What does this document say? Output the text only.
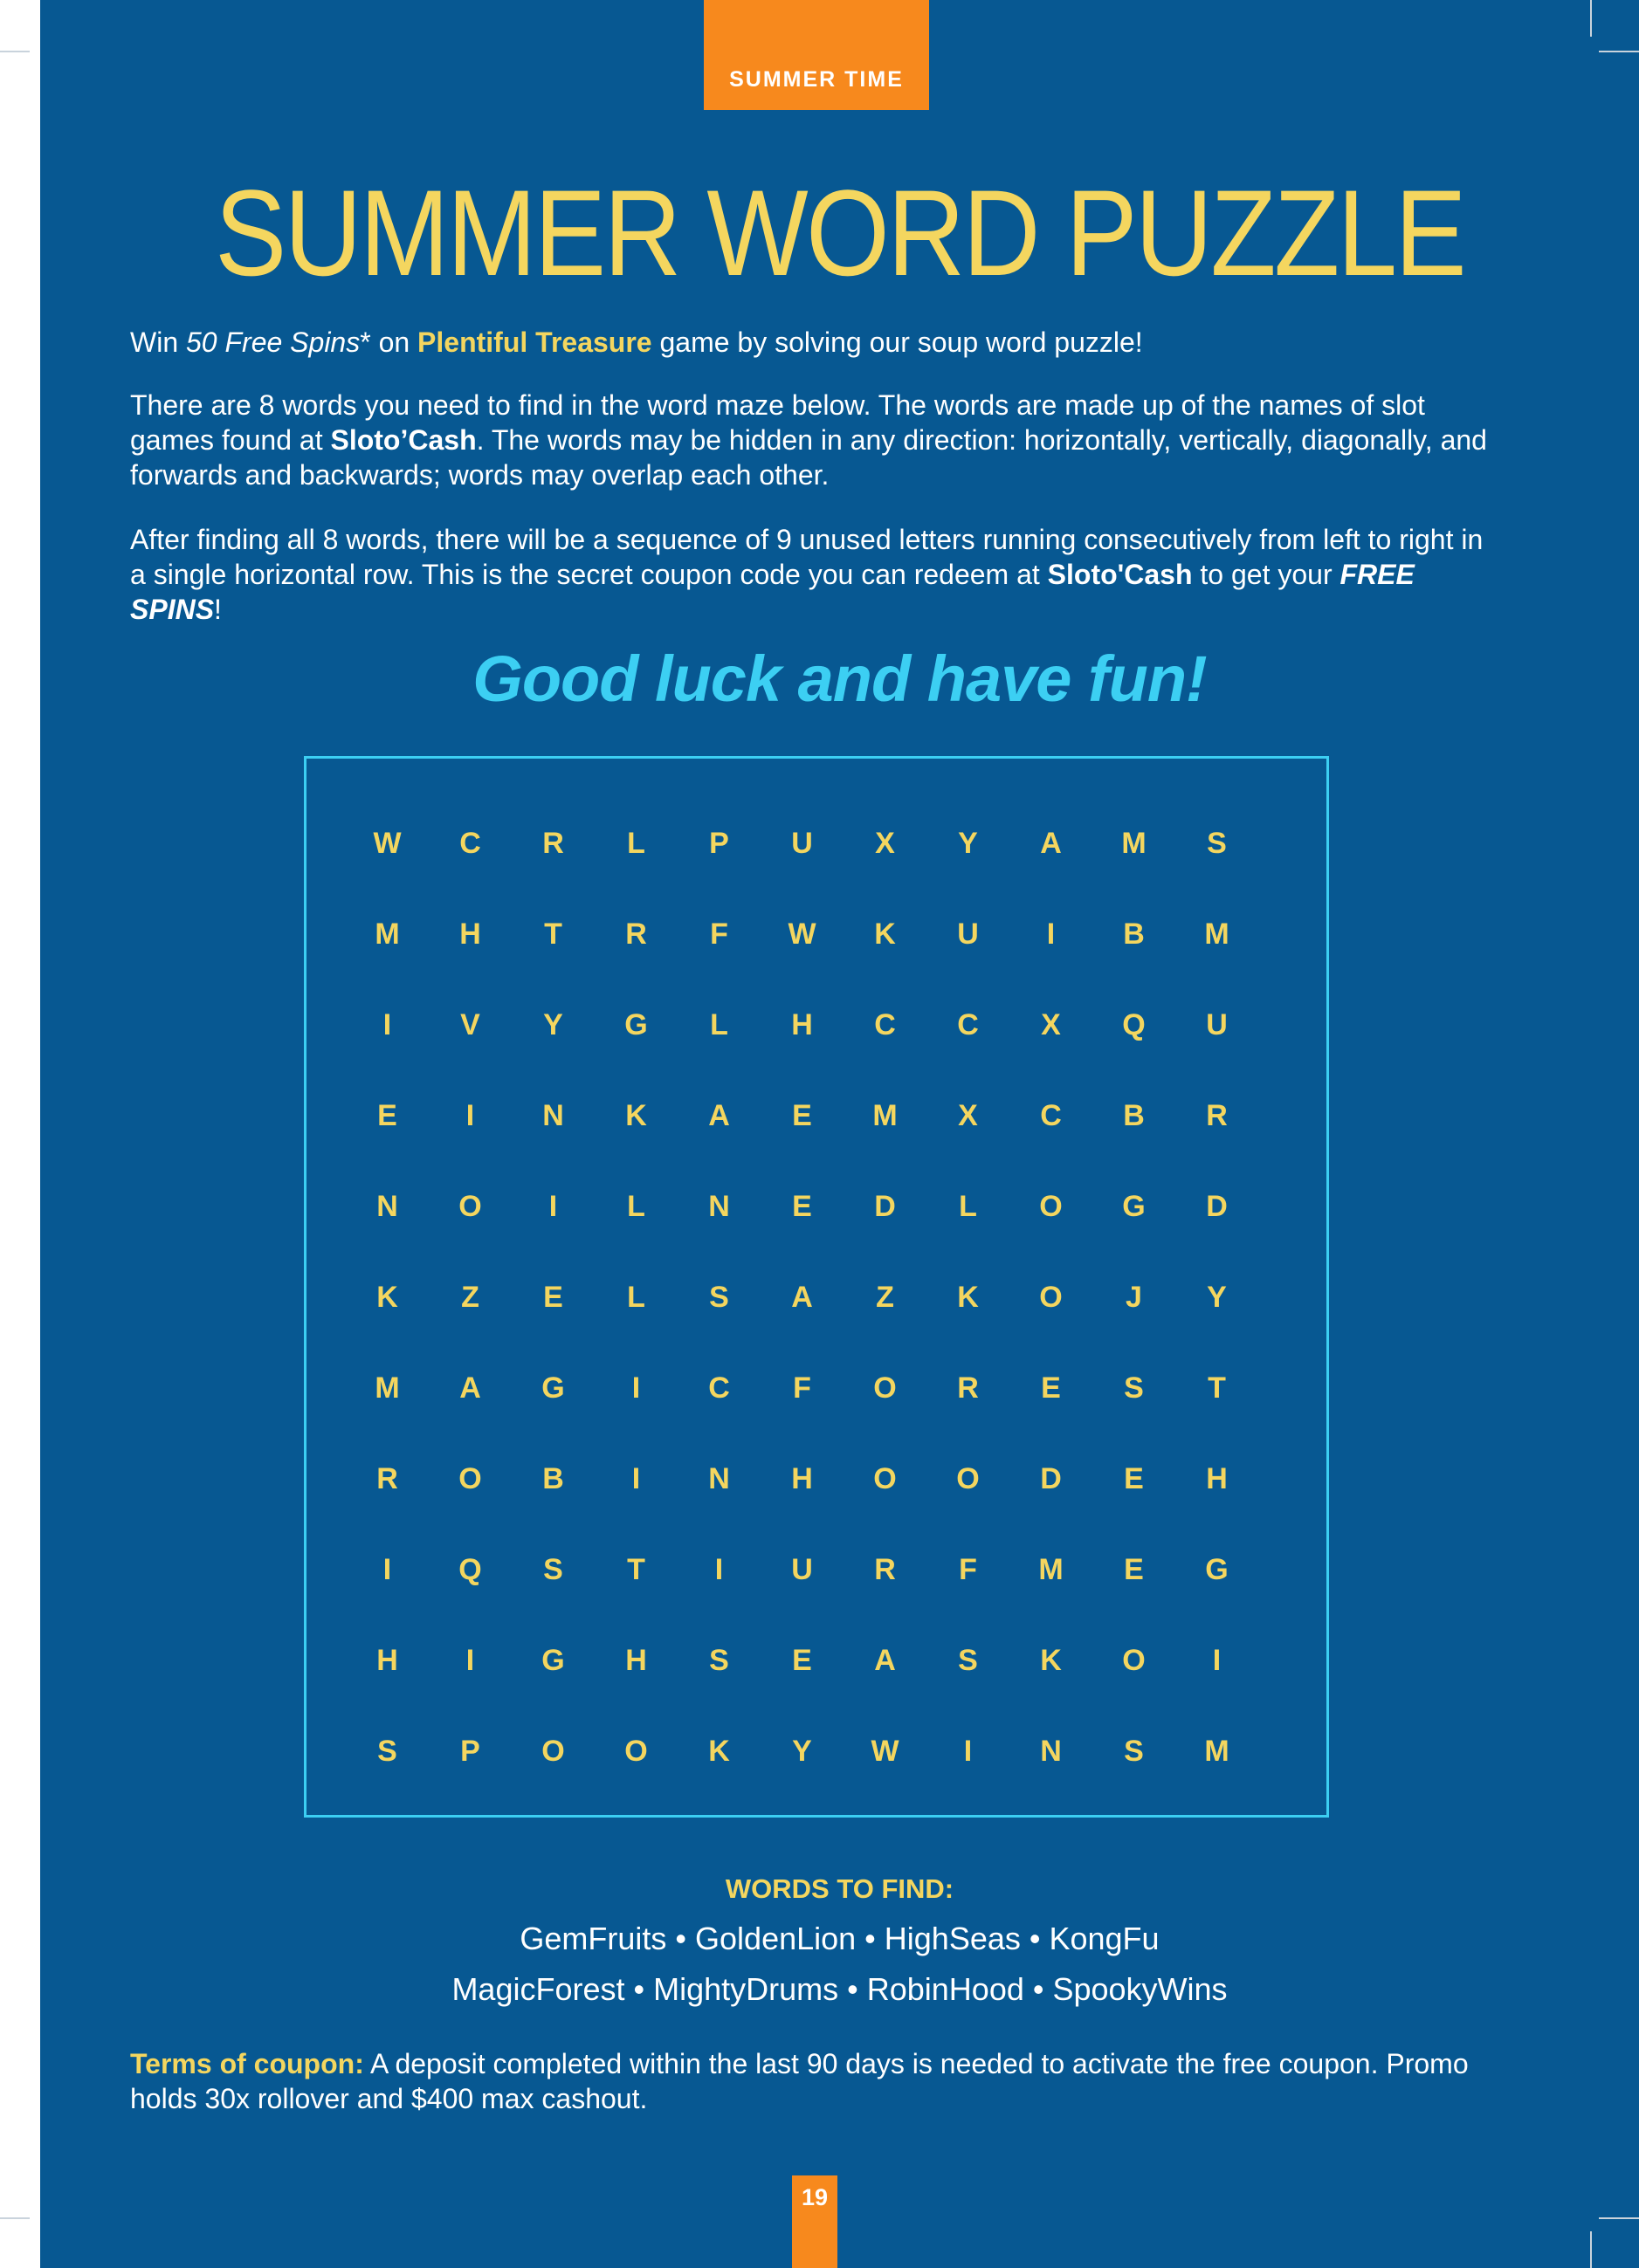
SUMMER TIME
SUMMER WORD PUZZLE

Win 50 Free Spins* on Plentiful Treasure game by solving our soup word puzzle!

There are 8 words you need to find in the word maze below. The words are made up of the names of slot games found at Sloto’Cash. The words may be hidden in any direction: horizontally, vertically, diagonally, and forwards and backwards; words may overlap each other.

After finding all 8 words, there will be a sequence of 9 unused letters running consecutively from left to right in a single horizontal row. This is the secret coupon code you can redeem at Sloto'Cash to get your FREE SPINS!

Good luck and have fun!
W	C	R	L	P	U	X	Y	A	M	S
M	H	T	R	F	W	K	U	I	B	M
I	V	Y	G	L	H	C	C	X	Q	U
E	I	N	K	A	E	M	X	C	B	R
N	O	I	L	N	E	D	L	O	G	D
K	Z	E	L	S	A	Z	K	O	J	Y
M	A	G	I	C	F	O	R	E	S	T
R	O	B	I	N	H	O	O	D	E	H
I	Q	S	T	I	U	R	F	M	E	G
H	I	G	H	S	E	A	S	K	O	I
S	P	O	O	K	Y	W	I	N	S	M
WORDS TO FIND:
GemFruits • GoldenLion • HighSeas • KongFu
MagicForest • MightyDrums • RobinHood • SpookyWins

Terms of coupon: A deposit completed within the last 90 days is needed to activate the free coupon. Promo holds 30x rollover and $400 max cashout.

19
